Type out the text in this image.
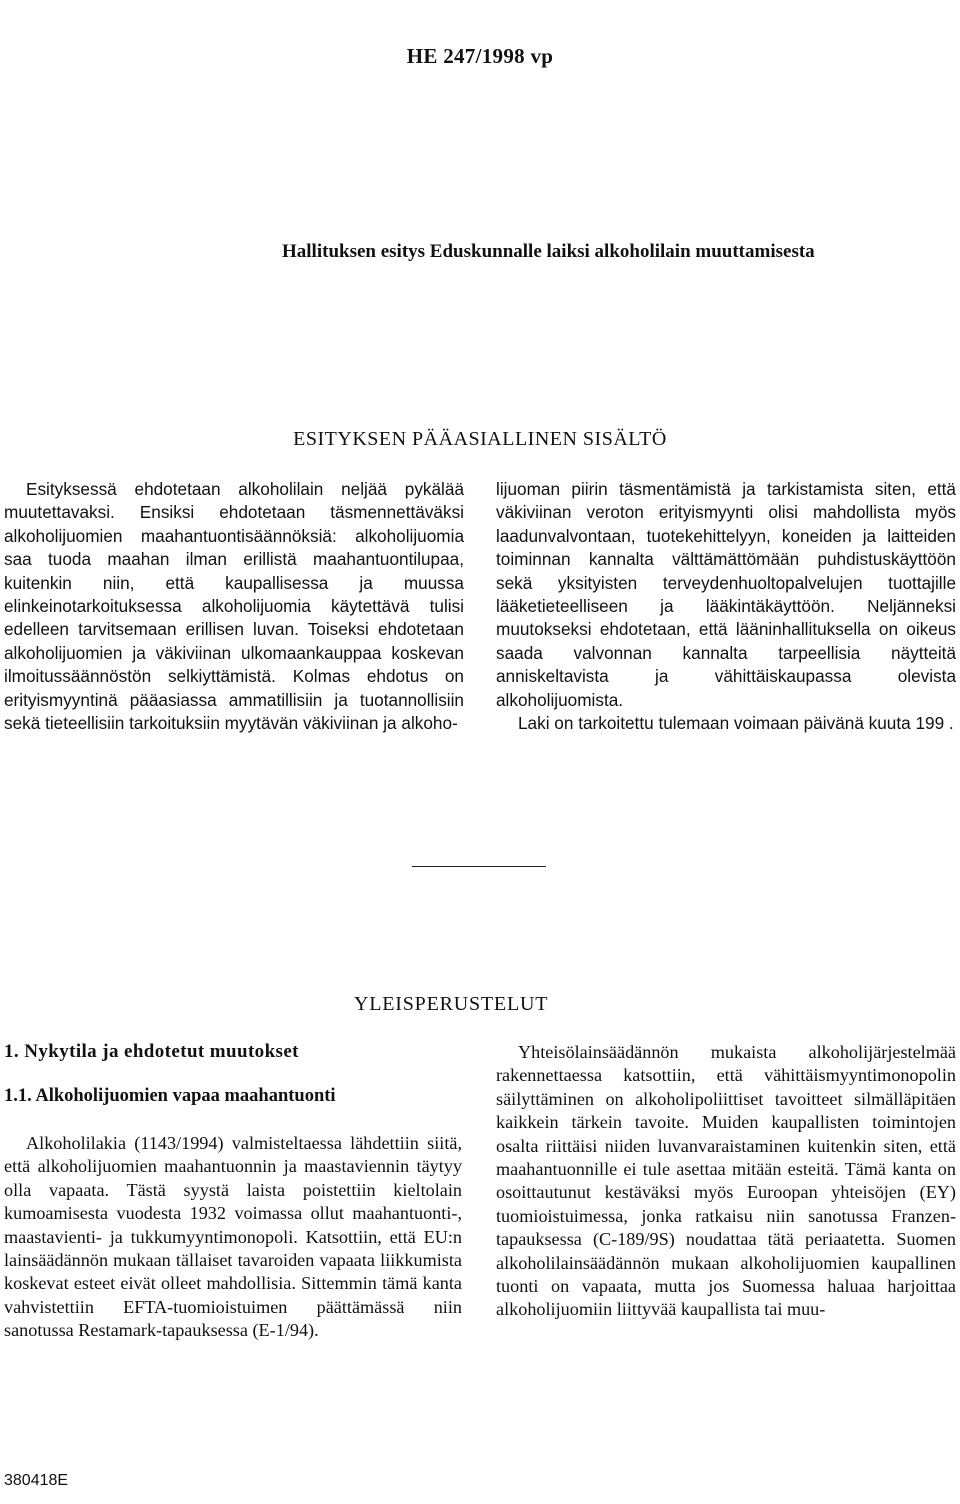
HE 247/1998 vp
Hallituksen esitys Eduskunnalle laiksi alkoholilain muuttamisesta
ESITYKSEN PÄÄASIALLINEN SISÄLTÖ

Esityksessä ehdotetaan alkoholilain neljää pykälää muutettavaksi. Ensiksi ehdotetaan täsmennettäväksi alkoholijuomien maahantuontisäännöksiä: alkoholijuomia saa tuoda maahan ilman erillistä maahantuontilupaa, kuitenkin niin, että kaupallisessa ja muussa elinkeinotarkoituksessa alkoholijuomia käytettävä tulisi edelleen tarvitsemaan erillisen luvan. Toiseksi ehdotetaan alkoholijuomien ja väkiviinan ulkomaankauppaa koskevan ilmoitussäännöstön selkiyttämistä. Kolmas ehdotus on erityismyyntinä pääasiassa ammatillisiin ja tuotannollisiin sekä tieteellisiin tarkoituksiin myytävän väkiviinan ja alkoho-

lijuoman piirin täsmentämistä ja tarkistamista siten, että väkiviinan veroton erityismyynti olisi mahdollista myös laadunvalvontaan, tuotekehittelyyn, koneiden ja laitteiden toiminnan kannalta välttämättömään puhdistuskäyttöön sekä yksityisten terveydenhuoltopalvelujen tuottajille lääketieteelliseen ja lääkintäkäyttöön. Neljänneksi muutokseksi ehdotetaan, että lääninhallituksella on oikeus saada valvonnan kannalta tarpeellisia näytteitä anniskeltavista ja vähittäiskaupassa olevista alkoholijuomista.

Laki on tarkoitettu tulemaan voimaan päivänä kuuta 199 .

YLEISPERUSTELUT
1. Nykytila ja ehdotetut muutokset
1.1. Alkoholijuomien vapaa maahantuonti

Alkoholilakia (1143/1994) valmisteltaessa lähdettiin siitä, että alkoholijuomien maahantuonnin ja maastaviennin täytyy olla vapaata. Tästä syystä laista poistettiin kieltolain kumoamisesta vuodesta 1932 voimassa ollut maahantuonti-, maastavienti- ja tukkumyyntimonopoli. Katsottiin, että EU:n lainsäädännön mukaan tällaiset tavaroiden vapaata liikkumista koskevat esteet eivät olleet mahdollisia. Sittemmin tämä kanta vahvistettiin EFTA-tuomioistuimen päättämässä niin sanotussa Restamark-tapauksessa (E-1/94).

Yhteisölainsäädännön mukaista alkoholijärjestelmää rakennettaessa katsottiin, että vähittäismyyntimonopolin säilyttäminen on alkoholipoliittiset tavoitteet silmälläpitäen kaikkein tärkein tavoite. Muiden kaupallisten toimintojen osalta riittäisi niiden luvanvaraistaminen kuitenkin siten, että maahantuonnille ei tule asettaa mitään esteitä. Tämä kanta on osoittautunut kestäväksi myös Euroopan yhteisöjen (EY) tuomioistuimessa, jonka ratkaisu niin sanotussa Franzen-tapauksessa (C-189/9S) noudattaa tätä periaatetta. Suomen alkoholilainsäädännön mukaan alkoholijuomien kaupallinen tuonti on vapaata, mutta jos Suomessa haluaa harjoittaa alkoholijuomiin liittyvää kaupallista tai muu-

380418E
